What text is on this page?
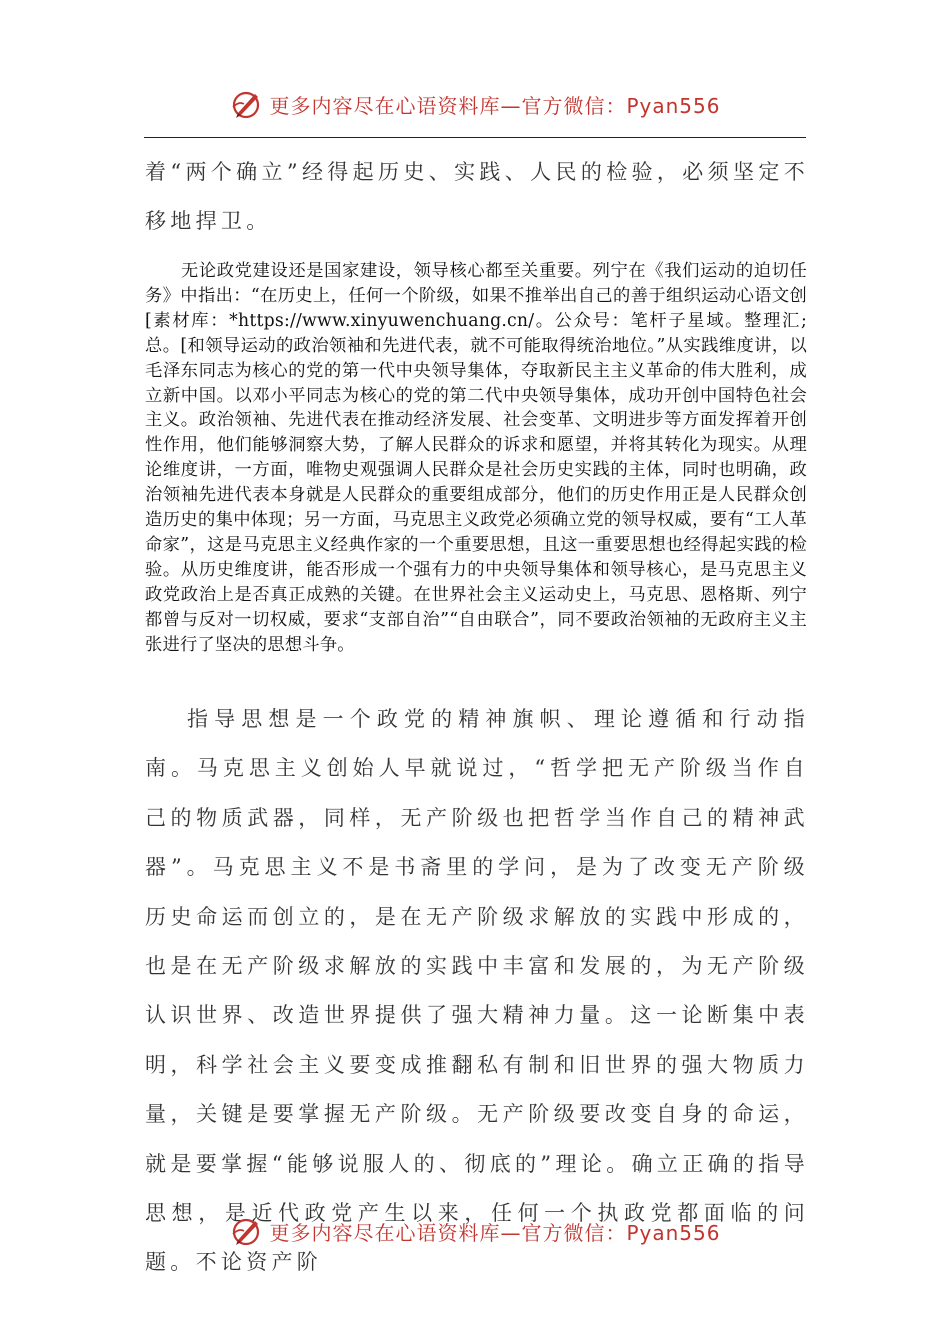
更多内容尽在心语资料库—官方微信：Pyan556

着“两个确立”经得起历史、实践、人民的检验，必须坚定不移地捍卫。

无论政党建设还是国家建设，领导核心都至关重要。列宁在《我们运动的迫切任务》中指出：“在历史上，任何一个阶级，如果不推举出自己的善于组织运动心语文创[素材库：*https://www.xinyuwenchuang.cn/。公众号：笔杆子星域。整理汇;总。[和领导运动的政治领袖和先进代表，就不可能取得统治地位。”从实践维度讲，以毛泽东同志为核心的党的第一代中央领导集体，夺取新民主主义革命的伟大胜利，成立新中国。以邓小平同志为核心的党的第二代中央领导集体，成功开创中国特色社会主义。政治领袖、先进代表在推动经济发展、社会变革、文明进步等方面发挥着开创性作用，他们能够洞察大势，了解人民群众的诉求和愿望，并将其转化为现实。从理论维度讲，一方面，唯物史观强调人民群众是社会历史实践的主体，同时也明确，政治领袖先进代表本身就是人民群众的重要组成部分，他们的历史作用正是人民群众创造历史的集中体现；另一方面，马克思主义政党必须确立党的领导权威，要有“工人革命家”，这是马克思主义经典作家的一个重要思想，且这一重要思想也经得起实践的检验。从历史维度讲，能否形成一个强有力的中央领导集体和领导核心，是马克思主义政党政治上是否真正成熟的关键。在世界社会主义运动史上，马克思、恩格斯、列宁都曾与反对一切权威，要求“支部自治”“自由联合”，同不要政治领袖的无政府主义主张进行了坚决的思想斗争。

指导思想是一个政党的精神旗帜、理论遵循和行动指南。马克思主义创始人早就说过，“哲学把无产阶级当作自己的物质武器，同样，无产阶级也把哲学当作自己的精神武器”。马克思主义不是书斋里的学问，是为了改变无产阶级历史命运而创立的，是在无产阶级求解放的实践中形成的，也是在无产阶级求解放的实践中丰富和发展的，为无产阶级认识世界、改造世界提供了强大精神力量。这一论断集中表明，科学社会主义要变成推翻私有制和旧世界的强大物质力量，关键是要掌握无产阶级。无产阶级要改变自身的命运，就是要掌握“能够说服人的、彻底的”理论。确立正确的指导思想，是近代政党产生以来，任何一个执政党都面临的问题。不论资产阶

更多内容尽在心语资料库—官方微信：Pyan556
